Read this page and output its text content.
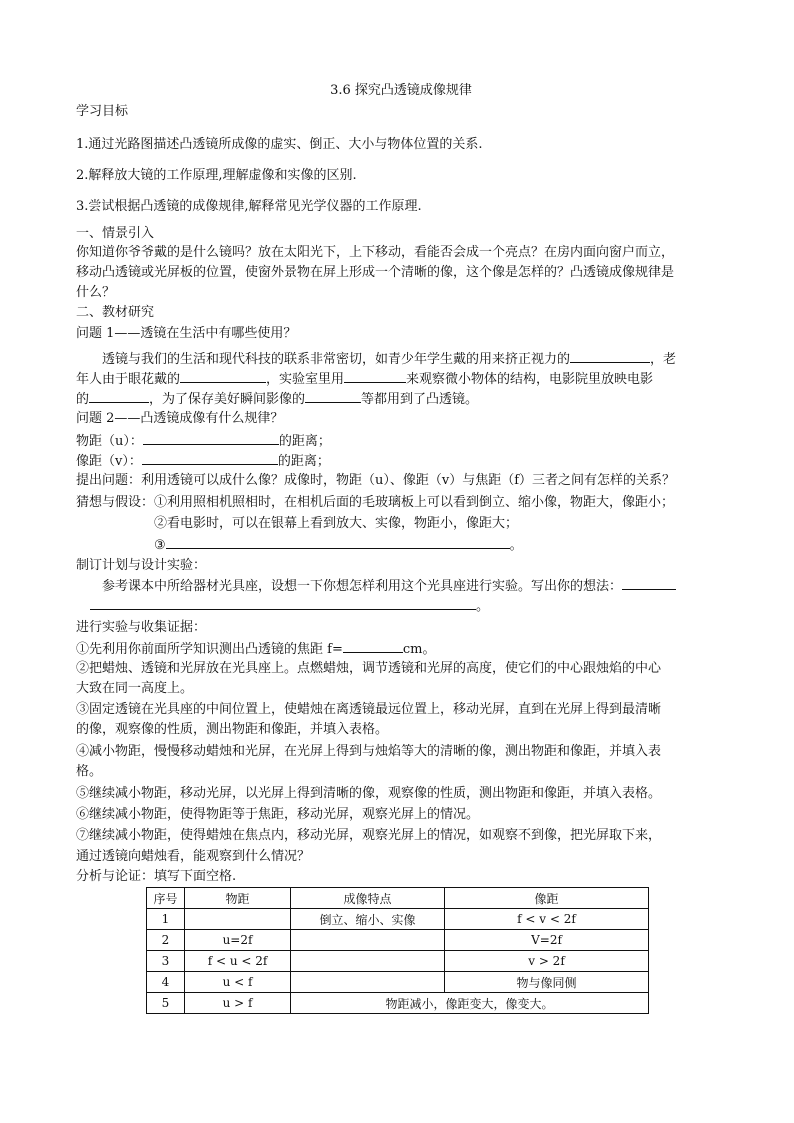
3.6 探究凸透镜成像规律
学习目标
1.通过光路图描述凸透镜所成像的虚实、倒正、大小与物体位置的关系.
2.解释放大镜的工作原理,理解虚像和实像的区别.
3.尝试根据凸透镜的成像规律,解释常见光学仪器的工作原理.
一、情景引入
你知道你爷爷戴的是什么镜吗？放在太阳光下，上下移动，看能否会成一个亮点？在房内面向窗户而立，
移动凸透镜或光屏板的位置，使窗外景物在屏上形成一个清晰的像，这个像是怎样的？凸透镜成像规律是
什么？
二、教材研究
问题 1——透镜在生活中有哪些使用？
透镜与我们的生活和现代科技的联系非常密切，如青少年学生戴的用来挤正视力的	，老
年人由于眼花戴的	，实验室里用	来观察微小物体的结构，电影院里放映电影
的	，为了保存美好瞬间影像的	等都用到了凸透镜。
问题 2——凸透镜成像有什么规律？
物距（u）：	的距离；
像距（v）：	的距离；
提出问题：利用透镜可以成什么像？成像时，物距（u）、像距（v）与焦距（f）三者之间有怎样的关系？
猜想与假设：①利用照相机照相时，在相机后面的毛玻璃板上可以看到倒立、缩小像，物距大，像距小；
②看电影时，可以在银幕上看到放大、实像，物距小，像距大；
③	。
制订计划与设计实验：
参考课本中所给器材光具座，设想一下你想怎样利用这个光具座进行实验。写出你的想法：
。
进行实验与收集证据：
①先利用你前面所学知识测出凸透镜的焦距 f=	cm。
②把蜡烛、透镜和光屏放在光具座上。点燃蜡烛，调节透镜和光屏的高度，使它们的中心跟烛焰的中心
大致在同一高度上。
③固定透镜在光具座的中间位置上，使蜡烛在离透镜最远位置上，移动光屏，直到在光屏上得到最清晰
的像，观察像的性质，测出物距和像距，并填入表格。
④减小物距，慢慢移动蜡烛和光屏，在光屏上得到与烛焰等大的清晰的像，测出物距和像距，并填入表
格。
⑤继续减小物距，移动光屏，以光屏上得到清晰的像，观察像的性质，测出物距和像距，并填入表格。
⑥继续减小物距，使得物距等于焦距，移动光屏，观察光屏上的情况。
⑦继续减小物距，使得蜡烛在焦点内，移动光屏，观察光屏上的情况，如观察不到像，把光屏取下来，
通过透镜向蜡烛看，能观察到什么情况？
分析与论证：填写下面空格.
序号	物距	成像特点	像距
1		倒立、缩小、实像	f < v < 2f
2	u=2f		V=2f
3	f < u < 2f		v > 2f
4	u < f		物与像同侧
5	u > f	物距减小，像距变大，像变大。	
